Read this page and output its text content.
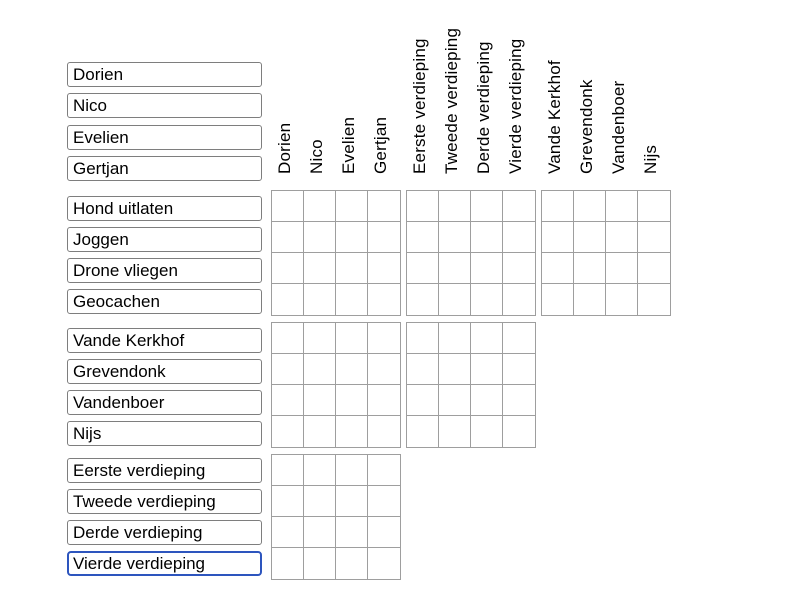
Dorien
Nico
Evelien
Gertjan
Hond uitlaten
Joggen
Drone vliegen
Geocachen
Vande Kerkhof
Grevendonk
Vandenboer
Nijs
Eerste verdieping
Tweede verdieping
Derde verdieping
Vierde verdieping
Dorien Nico Evelien Gertjan Eerste verdieping Tweede verdieping Derde verdieping Vierde verdieping Vande Kerkhof Grevendonk Vandenboer Nijs
